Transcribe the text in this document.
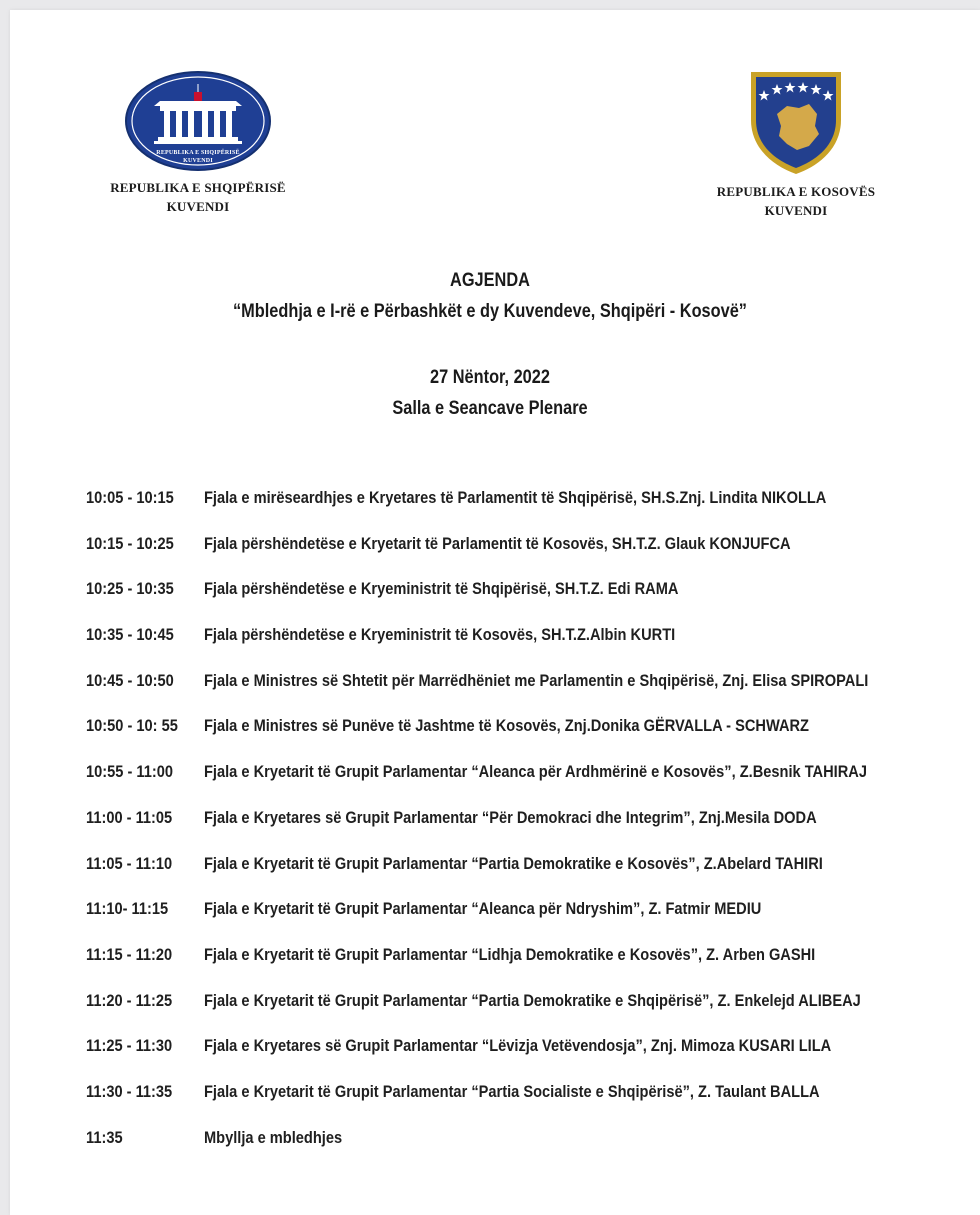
REPUBLIKA E SHQIPËRISË
KUVENDI
REPUBLIKA E SHQIPËRISË
KUVENDI
REPUBLIKA E KOSOVËS
KUVENDI
AGJENDA
“Mbledhja e I-rë e Përbashkët e dy Kuvendeve, Shqipëri - Kosovë”
27 Nëntor, 2022
Salla e Seancave Plenare
10:05 - 10:15 Fjala e mirëseardhjes e Kryetares të Parlamentit të Shqipërisë, SH.S.Znj. Lindita NIKOLLA
10:15 - 10:25 Fjala përshëndetëse e Kryetarit të Parlamentit të Kosovës, SH.T.Z. Glauk KONJUFCA
10:25 - 10:35 Fjala përshëndetëse e Kryeministrit të Shqipërisë, SH.T.Z. Edi RAMA
10:35 - 10:45 Fjala përshëndetëse e Kryeministrit të Kosovës, SH.T.Z.Albin KURTI
10:45 - 10:50 Fjala e Ministres së Shtetit për Marrëdhëniet me Parlamentin e Shqipërisë, Znj. Elisa SPIROPALI
10:50 - 10: 55 Fjala e Ministres së Punëve të Jashtme të Kosovës, Znj.Donika GËRVALLA - SCHWARZ
10:55 - 11:00 Fjala e Kryetarit të Grupit Parlamentar “Aleanca për Ardhmërinë e Kosovës”, Z.Besnik TAHIRAJ
11:00 - 11:05 Fjala e Kryetares së Grupit Parlamentar “Për Demokraci dhe Integrim”, Znj.Mesila DODA
11:05 - 11:10 Fjala e Kryetarit të Grupit Parlamentar “Partia Demokratike e Kosovës”, Z.Abelard TAHIRI
11:10- 11:15 Fjala e Kryetarit të Grupit Parlamentar “Aleanca për Ndryshim”, Z. Fatmir MEDIU
11:15 - 11:20 Fjala e Kryetarit të Grupit Parlamentar “Lidhja Demokratike e Kosovës”, Z. Arben GASHI
11:20 - 11:25 Fjala e Kryetarit të Grupit Parlamentar “Partia Demokratike e Shqipërisë”, Z. Enkelejd ALIBEAJ
11:25 - 11:30 Fjala e Kryetares së Grupit Parlamentar “Lëvizja Vetëvendosja”, Znj. Mimoza KUSARI LILA
11:30 - 11:35 Fjala e Kryetarit të Grupit Parlamentar “Partia Socialiste e Shqipërisë”, Z. Taulant BALLA
11:35	Mbyllja e mbledhjes
